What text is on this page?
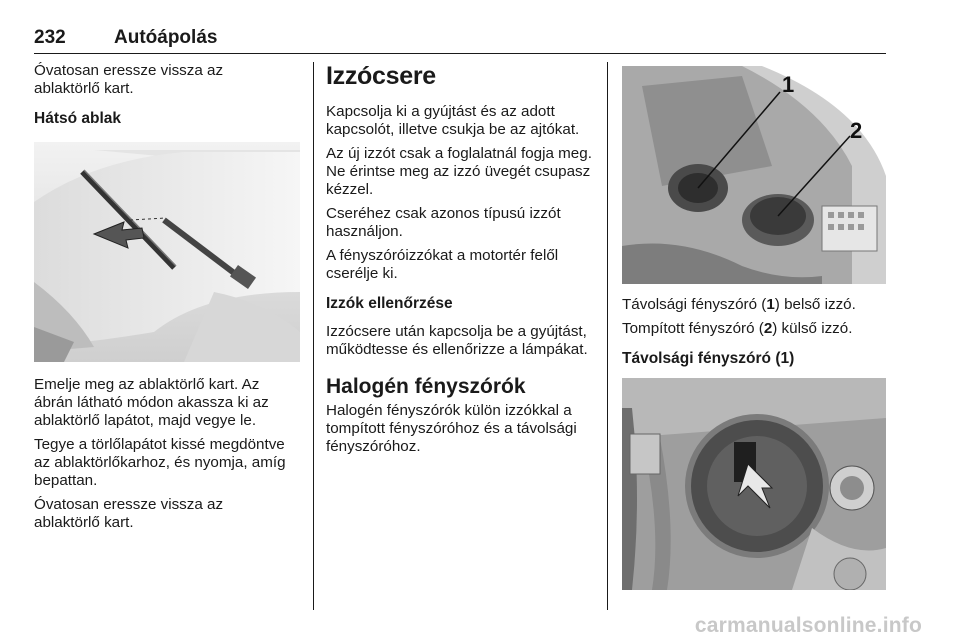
232	Autóápolás

Óvatosan eressze vissza az ablaktörlő kart.

Hátsó ablak

Emelje meg az ablaktörlő kart. Az ábrán látható módon akassza ki az ablaktörlő lapátot, majd vegye le.

Tegye a törlőlapátot kissé megdöntve az ablaktörlőkarhoz, és nyomja, amíg bepattan.

Óvatosan eressze vissza az ablaktörlő kart.

Izzócsere

Kapcsolja ki a gyújtást és az adott kapcsolót, illetve csukja be az ajtókat.

Az új izzót csak a foglalatnál fogja meg. Ne érintse meg az izzó üvegét csupasz kézzel.

Cseréhez csak azonos típusú izzót használjon.

A fényszóróizzókat a motortér felől cserélje ki.

Izzók ellenőrzése

Izzócsere után kapcsolja be a gyújtást, működtesse és ellenőrizze a lámpákat.

Halogén fényszórók

Halogén fényszórók külön izzókkal a tompított fényszóróhoz és a távolsági fényszóróhoz.

1
2

Távolsági fényszóró (1) belső izzó.

Tompított fényszóró (2) külső izzó.

Távolsági fényszóró (1)
carmanualsonline.info
